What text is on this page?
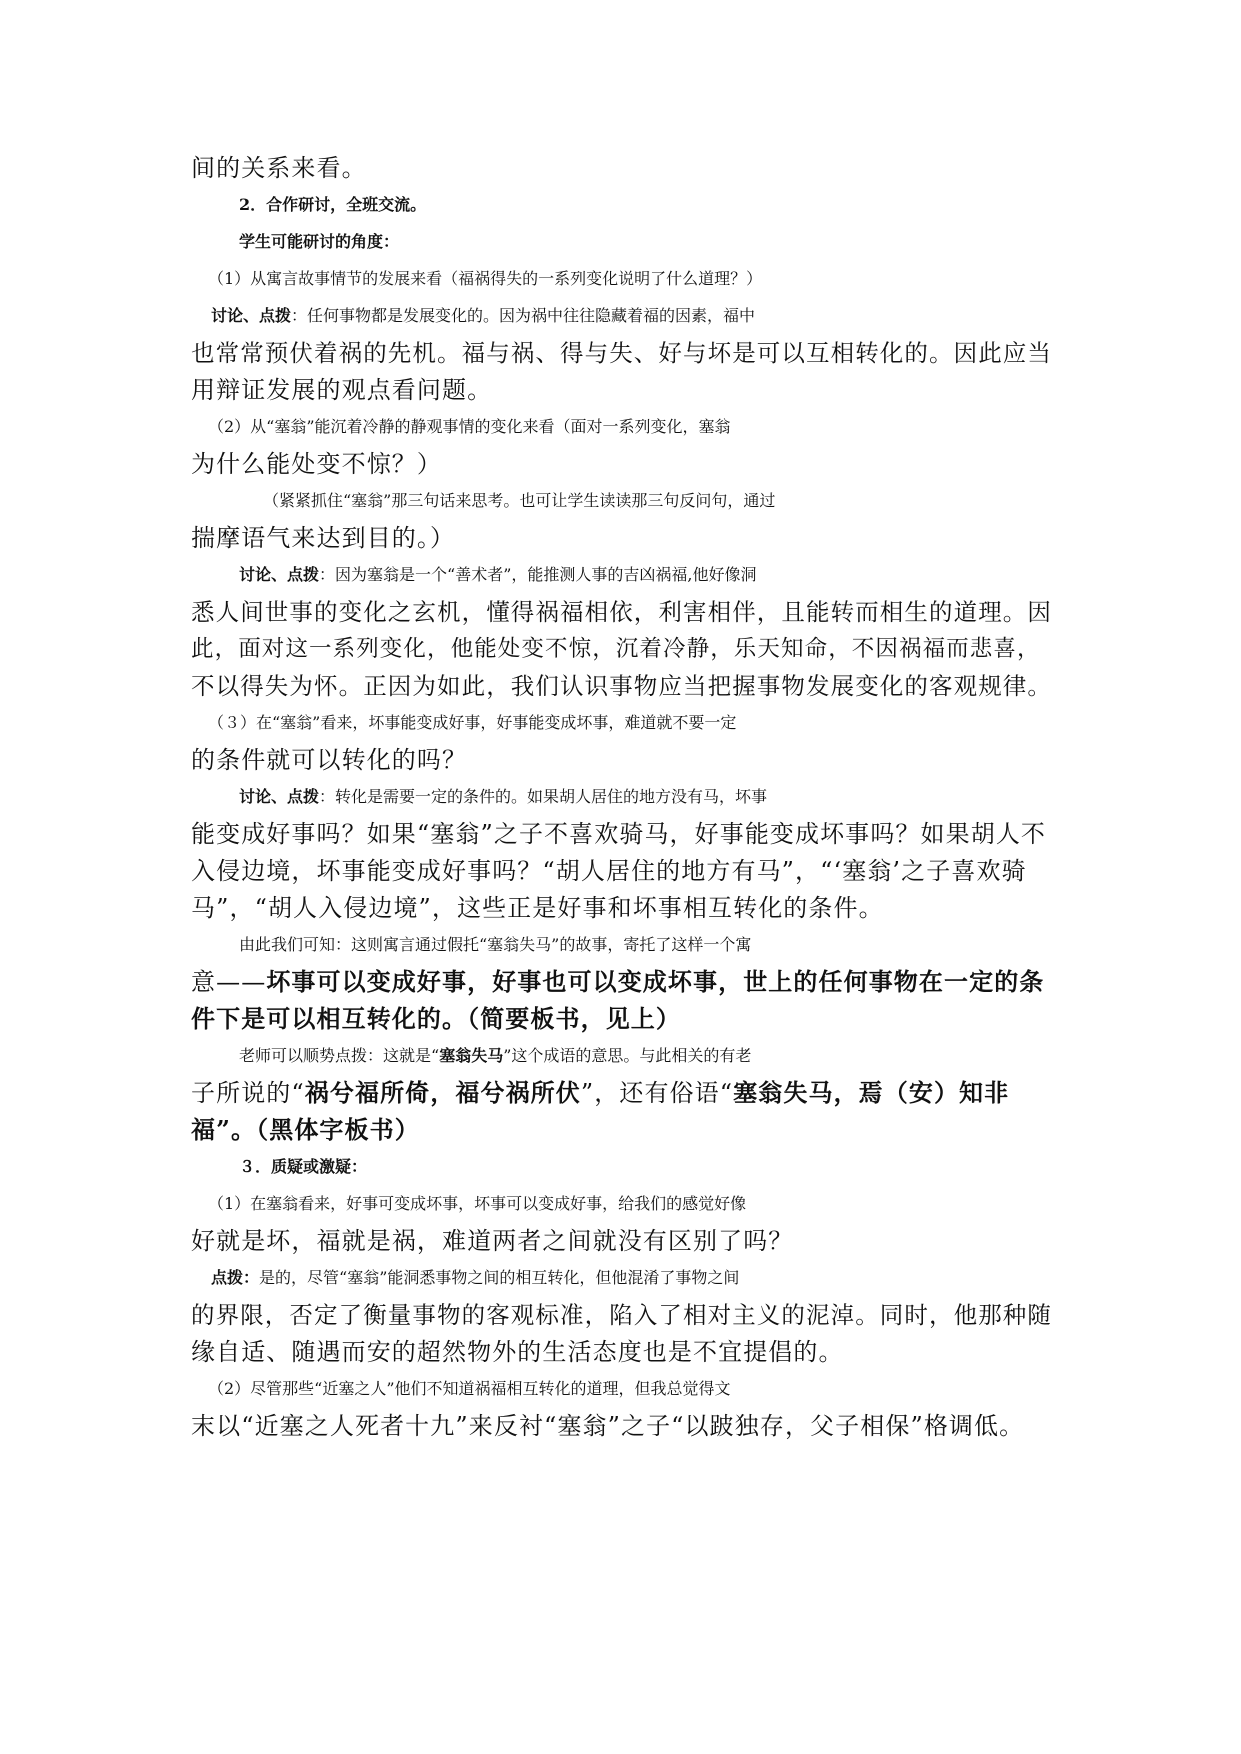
间的关系来看。
2．合作研讨，全班交流。
学生可能研讨的角度：
（1）从寓言故事情节的发展来看（福祸得失的一系列变化说明了什么道理？）
讨论、点拨：任何事物都是发展变化的。因为祸中往往隐藏着福的因素，福中
也常常预伏着祸的先机。福与祸、得与失、好与坏是可以互相转化的。因此应当
用辩证发展的观点看问题。
（2）从“塞翁”能沉着冷静的静观事情的变化来看（面对一系列变化，塞翁
为什么能处变不惊？）
（紧紧抓住“塞翁”那三句话来思考。也可让学生读读那三句反问句，通过
揣摩语气来达到目的。）
讨论、点拨：因为塞翁是一个“善术者”，能推测人事的吉凶祸福,他好像洞
悉人间世事的变化之玄机，懂得祸福相依，利害相伴，且能转而相生的道理。因
此，面对这一系列变化，他能处变不惊，沉着冷静，乐天知命，不因祸福而悲喜，
不以得失为怀。正因为如此，我们认识事物应当把握事物发展变化的客观规律。
（３）在“塞翁”看来，坏事能变成好事，好事能变成坏事，难道就不要一定
的条件就可以转化的吗？
讨论、点拨：转化是需要一定的条件的。如果胡人居住的地方没有马，坏事
能变成好事吗？如果“塞翁”之子不喜欢骑马，好事能变成坏事吗？如果胡人不
入侵边境，坏事能变成好事吗？“胡人居住的地方有马”，“‘塞翁’之子喜欢骑
马”，“胡人入侵边境”，这些正是好事和坏事相互转化的条件。
由此我们可知：这则寓言通过假托“塞翁失马”的故事，寄托了这样一个寓
意——坏事可以变成好事，好事也可以变成坏事，世上的任何事物在一定的条
件下是可以相互转化的。（简要板书，见上）
老师可以顺势点拨：这就是“塞翁失马”这个成语的意思。与此相关的有老
子所说的“祸兮福所倚，福兮祸所伏”，还有俗语“塞翁失马，焉（安）知非
福”。（黑体字板书）
３．质疑或激疑：
（1）在塞翁看来，好事可变成坏事，坏事可以变成好事，给我们的感觉好像
好就是坏，福就是祸，难道两者之间就没有区别了吗？
点拨：是的，尽管“塞翁”能洞悉事物之间的相互转化，但他混淆了事物之间
的界限，否定了衡量事物的客观标准，陷入了相对主义的泥淖。同时，他那种随
缘自适、随遇而安的超然物外的生活态度也是不宜提倡的。
（2）尽管那些“近塞之人”他们不知道祸福相互转化的道理，但我总觉得文
末以“近塞之人死者十九”来反衬“塞翁”之子“以跛独存，父子相保”格调低。
